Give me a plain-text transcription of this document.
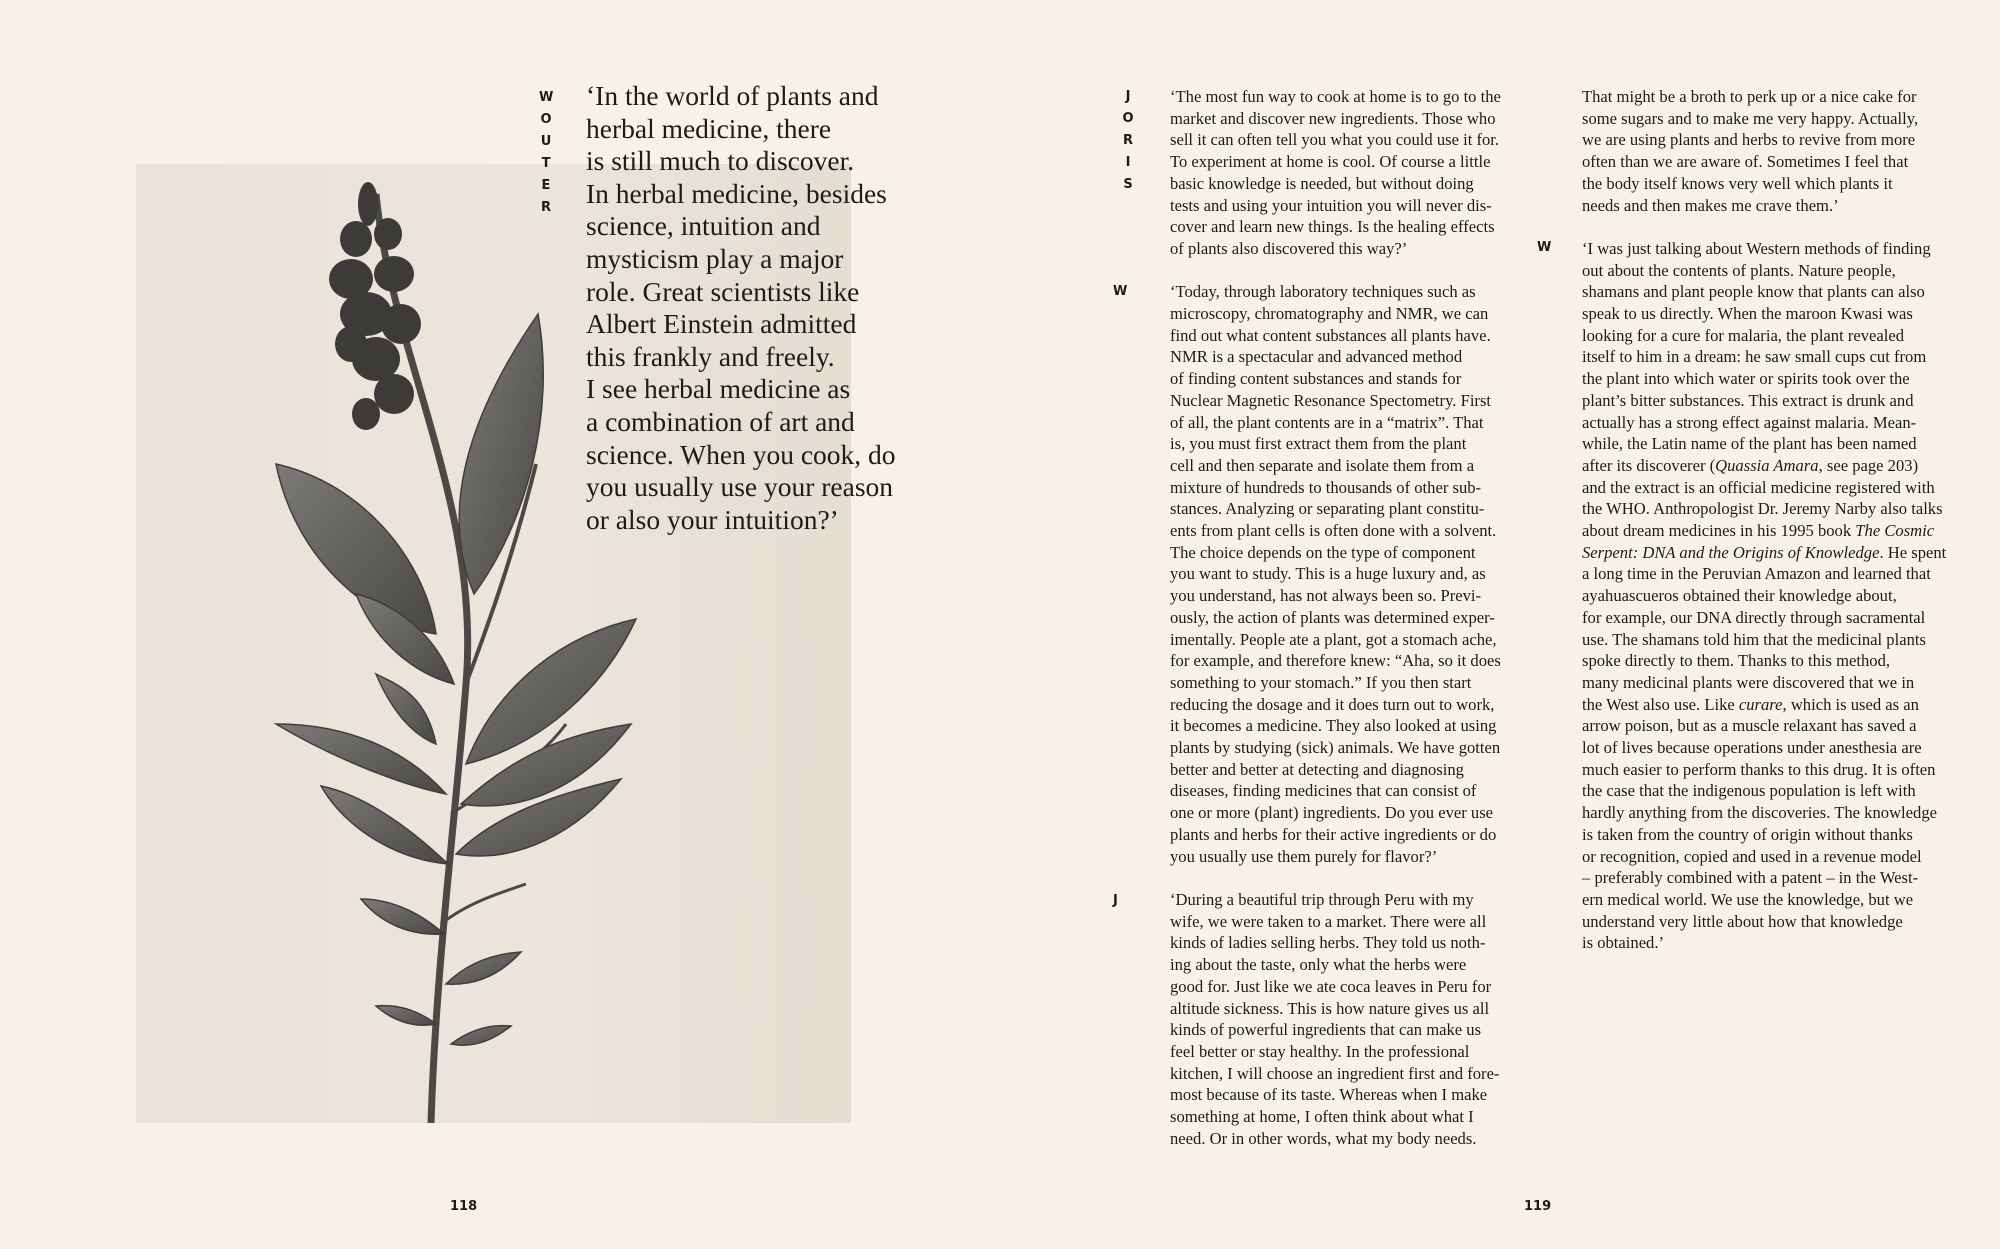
WOUTER
‘In the world of plants and
herbal medicine, there
is still much to discover.
In herbal medicine, besides
science, intuition and
mysticism play a major
role. Great scientists like
Albert Einstein admitted
this frankly and freely.
I see herbal medicine as
a combination of art and
science. When you cook, do
you usually use your reason
or also your intuition?’
118
JORIS
W
J

‘The most fun way to cook at home is to go to the
market and discover new ingredients. Those who
sell it can often tell you what you could use it for.
To experiment at home is cool. Of course a little
basic knowledge is needed, but without doing
tests and using your intuition you will never dis-
cover and learn new things. Is the healing effects
of plants also discovered this way?’

‘Today, through laboratory techniques such as
microscopy, chromatography and NMR, we can
find out what content substances all plants have.
NMR is a spectacular and advanced method
of finding content substances and stands for
Nuclear Magnetic Resonance Spectometry. First
of all, the plant contents are in a “matrix”. That
is, you must first extract them from the plant
cell and then separate and isolate them from a
mixture of hundreds to thousands of other sub-
stances. Analyzing or separating plant constitu-
ents from plant cells is often done with a solvent.
The choice depends on the type of component
you want to study. This is a huge luxury and, as
you understand, has not always been so. Previ-
ously, the action of plants was determined exper-
imentally. People ate a plant, got a stomach ache,
for example, and therefore knew: “Aha, so it does
something to your stomach.” If you then start
reducing the dosage and it does turn out to work,
it becomes a medicine. They also looked at using
plants by studying (sick) animals. We have gotten
better and better at detecting and diagnosing
diseases, finding medicines that can consist of
one or more (plant) ingredients. Do you ever use
plants and herbs for their active ingredients or do
you usually use them purely for flavor?’

‘During a beautiful trip through Peru with my
wife, we were taken to a market. There were all
kinds of ladies selling herbs. They told us noth-
ing about the taste, only what the herbs were
good for. Just like we ate coca leaves in Peru for
altitude sickness. This is how nature gives us all
kinds of powerful ingredients that can make us
feel better or stay healthy. In the professional
kitchen, I will choose an ingredient first and fore-
most because of its taste. Whereas when I make
something at home, I often think about what I
need. Or in other words, what my body needs.

W

That might be a broth to perk up or a nice cake for
some sugars and to make me very happy. Actually,
we are using plants and herbs to revive from more
often than we are aware of. Sometimes I feel that
the body itself knows very well which plants it
needs and then makes me crave them.’

‘I was just talking about Western methods of finding
out about the contents of plants. Nature people,
shamans and plant people know that plants can also
speak to us directly. When the maroon Kwasi was
looking for a cure for malaria, the plant revealed
itself to him in a dream: he saw small cups cut from
the plant into which water or spirits took over the
plant’s bitter substances. This extract is drunk and
actually has a strong effect against malaria. Mean-
while, the Latin name of the plant has been named
after its discoverer (Quassia Amara, see page 203)
and the extract is an official medicine registered with
the WHO. Anthropologist Dr. Jeremy Narby also talks
about dream medicines in his 1995 book The Cosmic
Serpent: DNA and the Origins of Knowledge. He spent
a long time in the Peruvian Amazon and learned that
ayahuascueros obtained their knowledge about,
for example, our DNA directly through sacramental
use. The shamans told him that the medicinal plants
spoke directly to them. Thanks to this method,
many medicinal plants were discovered that we in
the West also use. Like curare, which is used as an
arrow poison, but as a muscle relaxant has saved a
lot of lives because operations under anesthesia are
much easier to perform thanks to this drug. It is often
the case that the indigenous population is left with
hardly anything from the discoveries. The knowledge
is taken from the country of origin without thanks
or recognition, copied and used in a revenue model
– preferably combined with a patent – in the West-
ern medical world. We use the knowledge, but we
understand very little about how that knowledge
is obtained.’

119
